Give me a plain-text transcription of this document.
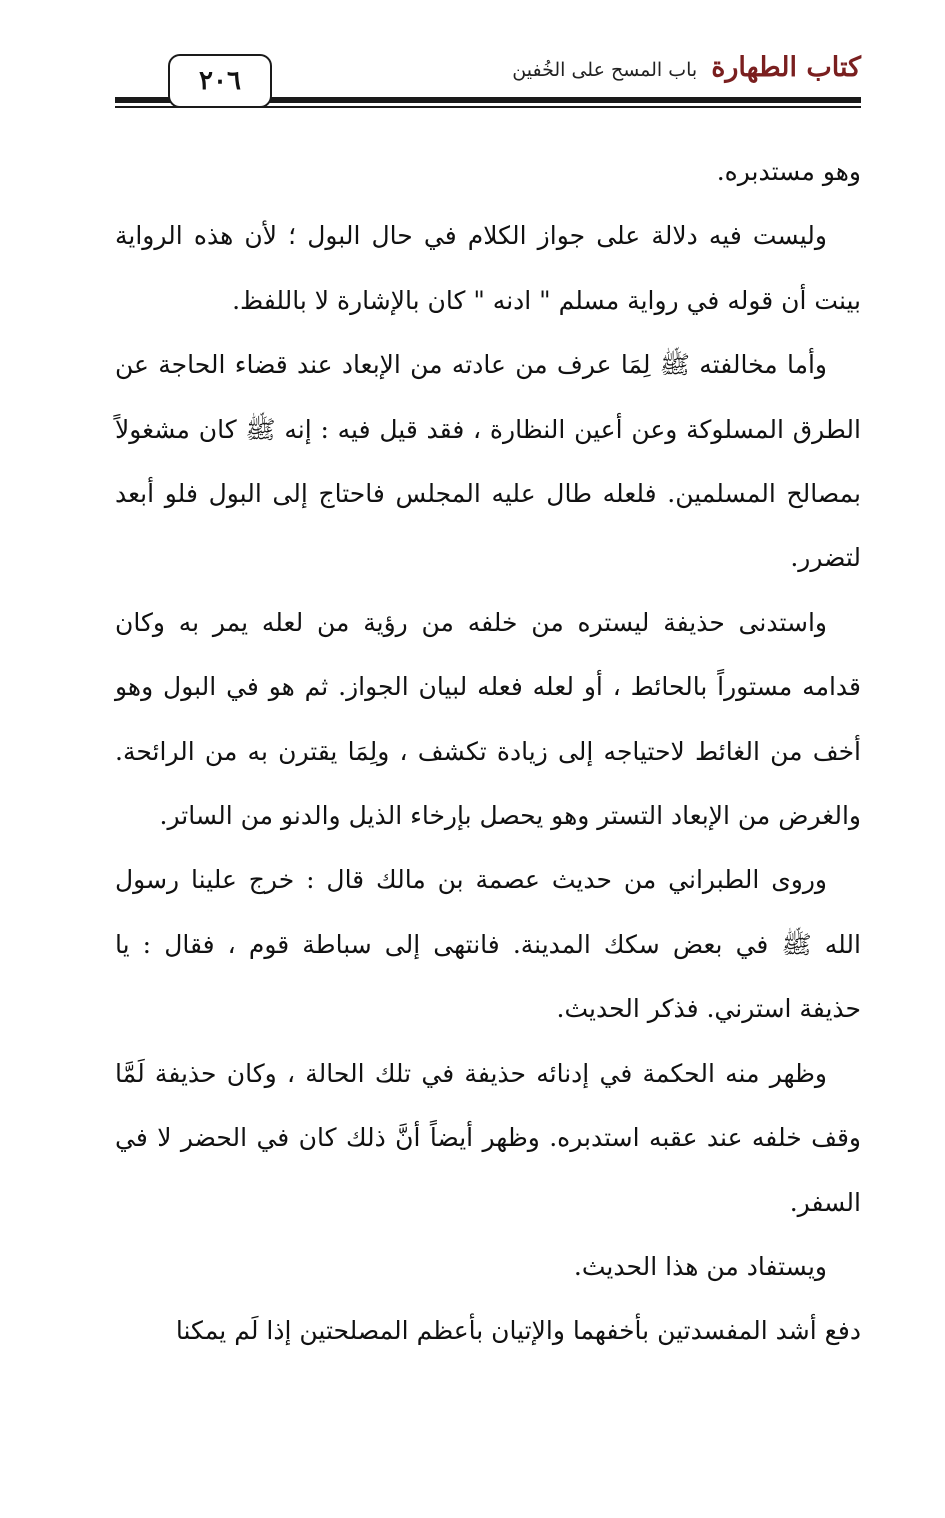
٢٠٦	كتاب الطهارة
باب المسح على الخُفين

وهو مستدبره.

وليست فيه دلالة على جواز الكلام في حال البول ؛ لأن هذه الرواية بينت أن قوله في رواية مسلم " ادنه " كان بالإشارة لا باللفظ.

وأما مخالفته ﷺ لِمَا عرف من عادته من الإبعاد عند قضاء الحاجة عن الطرق المسلوكة وعن أعين النظارة ، فقد قيل فيه : إنه ﷺ كان مشغولاً بمصالح المسلمين. فلعله طال عليه المجلس فاحتاج إلى البول فلو أبعد لتضرر.

واستدنى حذيفة ليستره من خلفه من رؤية من لعله يمر به وكان قدامه مستوراً بالحائط ، أو لعله فعله لبيان الجواز. ثم هو في البول وهو أخف من الغائط لاحتياجه إلى زيادة تكشف ، ولِمَا يقترن به من الرائحة. والغرض من الإبعاد التستر وهو يحصل بإرخاء الذيل والدنو من الساتر.

وروى الطبراني من حديث عصمة بن مالك قال : خرج علينا رسول الله ﷺ في بعض سكك المدينة. فانتهى إلى سباطة قوم ، فقال : يا حذيفة استرني. فذكر الحديث.

وظهر منه الحكمة في إدنائه حذيفة في تلك الحالة ، وكان حذيفة لَمَّا وقف خلفه عند عقبه استدبره. وظهر أيضاً أنَّ ذلك كان في الحضر لا في السفر.

ويستفاد من هذا الحديث.

دفع أشد المفسدتين بأخفهما والإتيان بأعظم المصلحتين إذا لَم يمكنا
